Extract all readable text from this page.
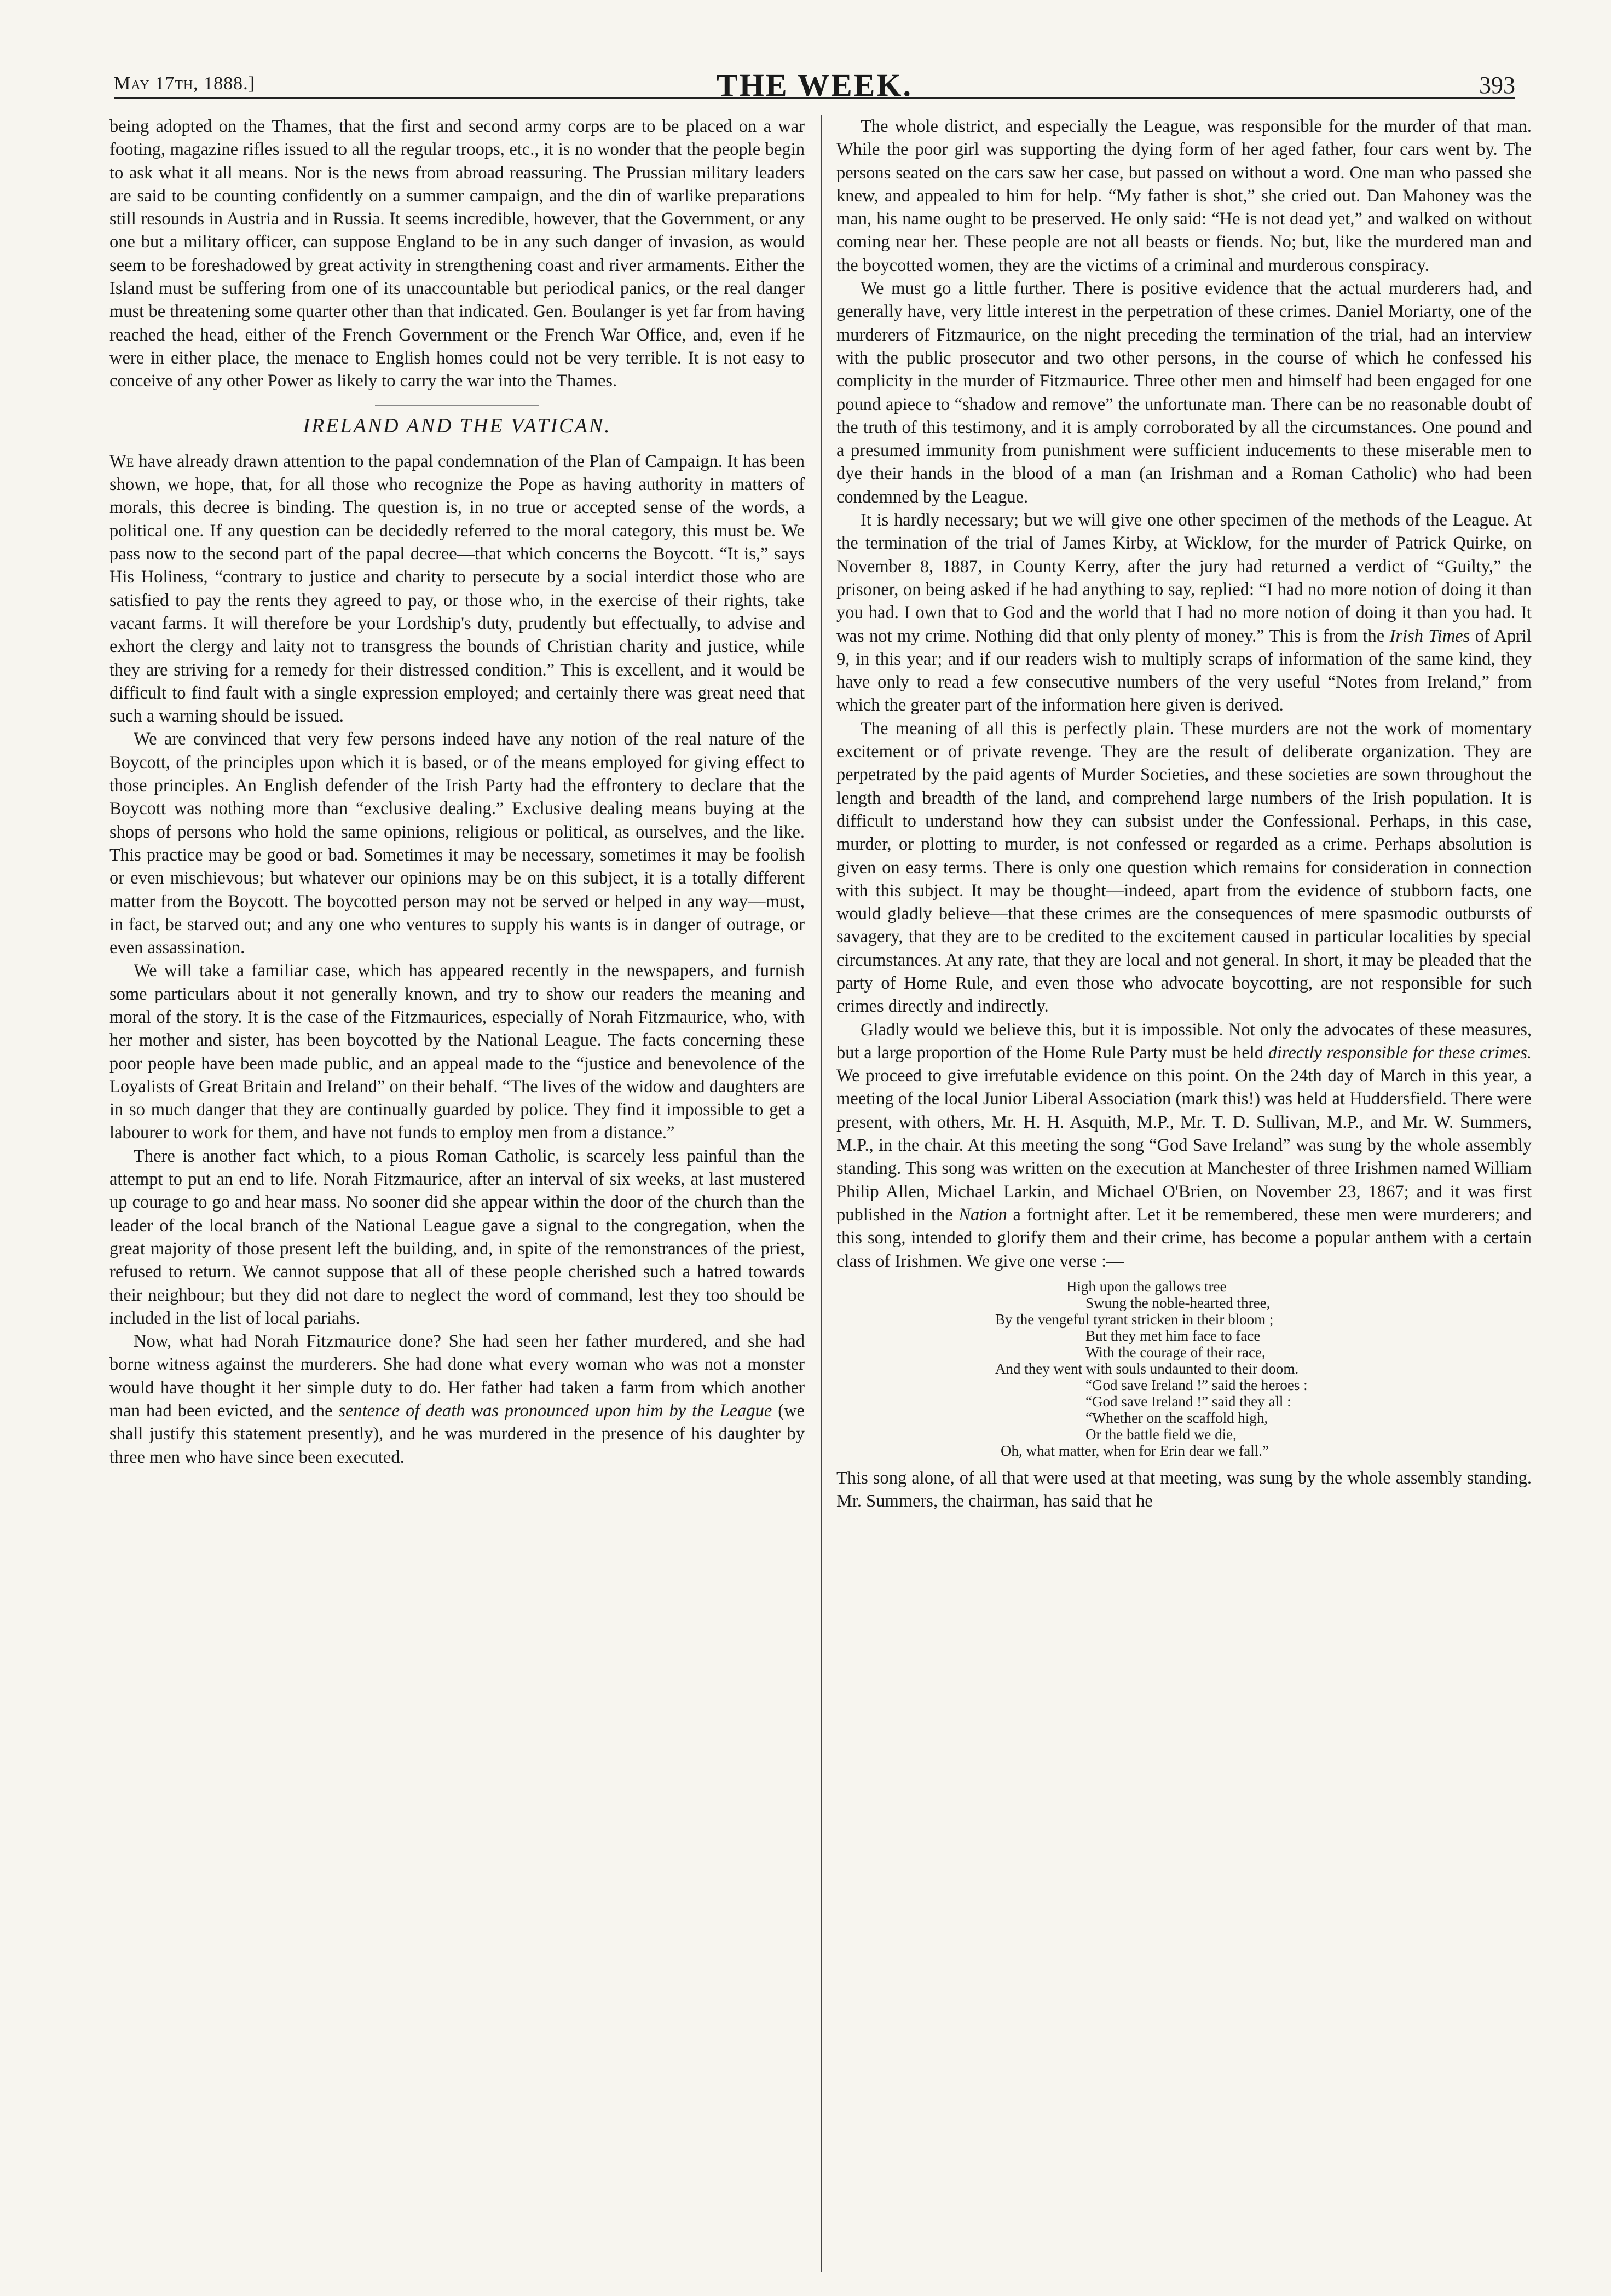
May 17th, 1888.]	THE WEEK.	393

being adopted on the Thames, that the first and second army corps are to be placed on a war footing, magazine rifles issued to all the regular troops, etc., it is no wonder that the people begin to ask what it all means. Nor is the news from abroad reassuring. The Prussian military leaders are said to be counting confidently on a summer campaign, and the din of warlike preparations still resounds in Austria and in Russia. It seems incredible, however, that the Government, or any one but a military officer, can suppose England to be in any such danger of invasion, as would seem to be foreshadowed by great activity in strengthening coast and river armaments. Either the Island must be suffering from one of its unaccountable but periodical panics, or the real danger must be threatening some quarter other than that indicated. Gen. Boulanger is yet far from having reached the head, either of the French Government or the French War Office, and, even if he were in either place, the menace to English homes could not be very terrible. It is not easy to conceive of any other Power as likely to carry the war into the Thames.

IRELAND AND THE VATICAN.

We have already drawn attention to the papal condemnation of the Plan of Campaign. It has been shown, we hope, that, for all those who recognize the Pope as having authority in matters of morals, this decree is binding. The question is, in no true or accepted sense of the words, a political one. If any question can be decidedly referred to the moral category, this must be. We pass now to the second part of the papal decree—that which concerns the Boycott. “It is,” says His Holiness, “contrary to justice and charity to persecute by a social interdict those who are satisfied to pay the rents they agreed to pay, or those who, in the exercise of their rights, take vacant farms. It will therefore be your Lordship's duty, prudently but effectually, to advise and exhort the clergy and laity not to transgress the bounds of Christian charity and justice, while they are striving for a remedy for their distressed condition.” This is excellent, and it would be difficult to find fault with a single expression employed; and certainly there was great need that such a warning should be issued.

We are convinced that very few persons indeed have any notion of the real nature of the Boycott, of the principles upon which it is based, or of the means employed for giving effect to those principles. An English defender of the Irish Party had the effrontery to declare that the Boycott was nothing more than “exclusive dealing.” Exclusive dealing means buying at the shops of persons who hold the same opinions, religious or political, as ourselves, and the like. This practice may be good or bad. Sometimes it may be necessary, sometimes it may be foolish or even mischievous; but whatever our opinions may be on this subject, it is a totally different matter from the Boycott. The boycotted person may not be served or helped in any way—must, in fact, be starved out; and any one who ventures to supply his wants is in danger of outrage, or even assassination.

We will take a familiar case, which has appeared recently in the newspapers, and furnish some particulars about it not generally known, and try to show our readers the meaning and moral of the story. It is the case of the Fitzmaurices, especially of Norah Fitzmaurice, who, with her mother and sister, has been boycotted by the National League. The facts concerning these poor people have been made public, and an appeal made to the “justice and benevolence of the Loyalists of Great Britain and Ireland” on their behalf. “The lives of the widow and daughters are in so much danger that they are continually guarded by police. They find it impossible to get a labourer to work for them, and have not funds to employ men from a distance.”

There is another fact which, to a pious Roman Catholic, is scarcely less painful than the attempt to put an end to life. Norah Fitzmaurice, after an interval of six weeks, at last mustered up courage to go and hear mass. No sooner did she appear within the door of the church than the leader of the local branch of the National League gave a signal to the congregation, when the great majority of those present left the building, and, in spite of the remonstrances of the priest, refused to return. We cannot suppose that all of these people cherished such a hatred towards their neighbour; but they did not dare to neglect the word of command, lest they too should be included in the list of local pariahs.

Now, what had Norah Fitzmaurice done? She had seen her father murdered, and she had borne witness against the murderers. She had done what every woman who was not a monster would have thought it her simple duty to do. Her father had taken a farm from which another man had been evicted, and the sentence of death was pronounced upon him by the League (we shall justify this statement presently), and he was murdered in the presence of his daughter by three men who have since been executed.

The whole district, and especially the League, was responsible for the murder of that man. While the poor girl was supporting the dying form of her aged father, four cars went by. The persons seated on the cars saw her case, but passed on without a word. One man who passed she knew, and appealed to him for help. “My father is shot,” she cried out. Dan Mahoney was the man, his name ought to be preserved. He only said: “He is not dead yet,” and walked on without coming near her. These people are not all beasts or fiends. No; but, like the murdered man and the boycotted women, they are the victims of a criminal and murderous conspiracy.

We must go a little further. There is positive evidence that the actual murderers had, and generally have, very little interest in the perpetration of these crimes. Daniel Moriarty, one of the murderers of Fitzmaurice, on the night preceding the termination of the trial, had an interview with the public prosecutor and two other persons, in the course of which he confessed his complicity in the murder of Fitzmaurice. Three other men and himself had been engaged for one pound apiece to “shadow and remove” the unfortunate man. There can be no reasonable doubt of the truth of this testimony, and it is amply corroborated by all the circumstances. One pound and a presumed immunity from punishment were sufficient inducements to these miserable men to dye their hands in the blood of a man (an Irishman and a Roman Catholic) who had been condemned by the League.

It is hardly necessary; but we will give one other specimen of the methods of the League. At the termination of the trial of James Kirby, at Wicklow, for the murder of Patrick Quirke, on November 8, 1887, in County Kerry, after the jury had returned a verdict of “Guilty,” the prisoner, on being asked if he had anything to say, replied: “I had no more notion of doing it than you had. I own that to God and the world that I had no more notion of doing it than you had. It was not my crime. Nothing did that only plenty of money.” This is from the Irish Times of April 9, in this year; and if our readers wish to multiply scraps of information of the same kind, they have only to read a few consecutive numbers of the very useful “Notes from Ireland,” from which the greater part of the information here given is derived.

The meaning of all this is perfectly plain. These murders are not the work of momentary excitement or of private revenge. They are the result of deliberate organization. They are perpetrated by the paid agents of Murder Societies, and these societies are sown throughout the length and breadth of the land, and comprehend large numbers of the Irish population. It is difficult to understand how they can subsist under the Confessional. Perhaps, in this case, murder, or plotting to murder, is not confessed or regarded as a crime. Perhaps absolution is given on easy terms. There is only one question which remains for consideration in connection with this subject. It may be thought—indeed, apart from the evidence of stubborn facts, one would gladly believe—that these crimes are the consequences of mere spasmodic outbursts of savagery, that they are to be credited to the excitement caused in particular localities by special circumstances. At any rate, that they are local and not general. In short, it may be pleaded that the party of Home Rule, and even those who advocate boycotting, are not responsible for such crimes directly and indirectly.

Gladly would we believe this, but it is impossible. Not only the advocates of these measures, but a large proportion of the Home Rule Party must be held directly responsible for these crimes. We proceed to give irrefutable evidence on this point. On the 24th day of March in this year, a meeting of the local Junior Liberal Association (mark this!) was held at Huddersfield. There were present, with others, Mr. H. H. Asquith, M.P., Mr. T. D. Sullivan, M.P., and Mr. W. Summers, M.P., in the chair. At this meeting the song “God Save Ireland” was sung by the whole assembly standing. This song was written on the execution at Manchester of three Irishmen named William Philip Allen, Michael Larkin, and Michael O'Brien, on November 23, 1867; and it was first published in the Nation a fortnight after. Let it be remembered, these men were murderers; and this song, intended to glorify them and their crime, has become a popular anthem with a certain class of Irishmen. We give one verse :—

High upon the gallows tree
Swung the noble-hearted three,
By the vengeful tyrant stricken in their bloom ;
But they met him face to face
With the courage of their race,
And they went with souls undaunted to their doom.
“God save Ireland !” said the heroes :
“God save Ireland !” said they all :
“Whether on the scaffold high,
Or the battle field we die,
Oh, what matter, when for Erin dear we fall.”

This song alone, of all that were used at that meeting, was sung by the whole assembly standing. Mr. Summers, the chairman, has said that he
